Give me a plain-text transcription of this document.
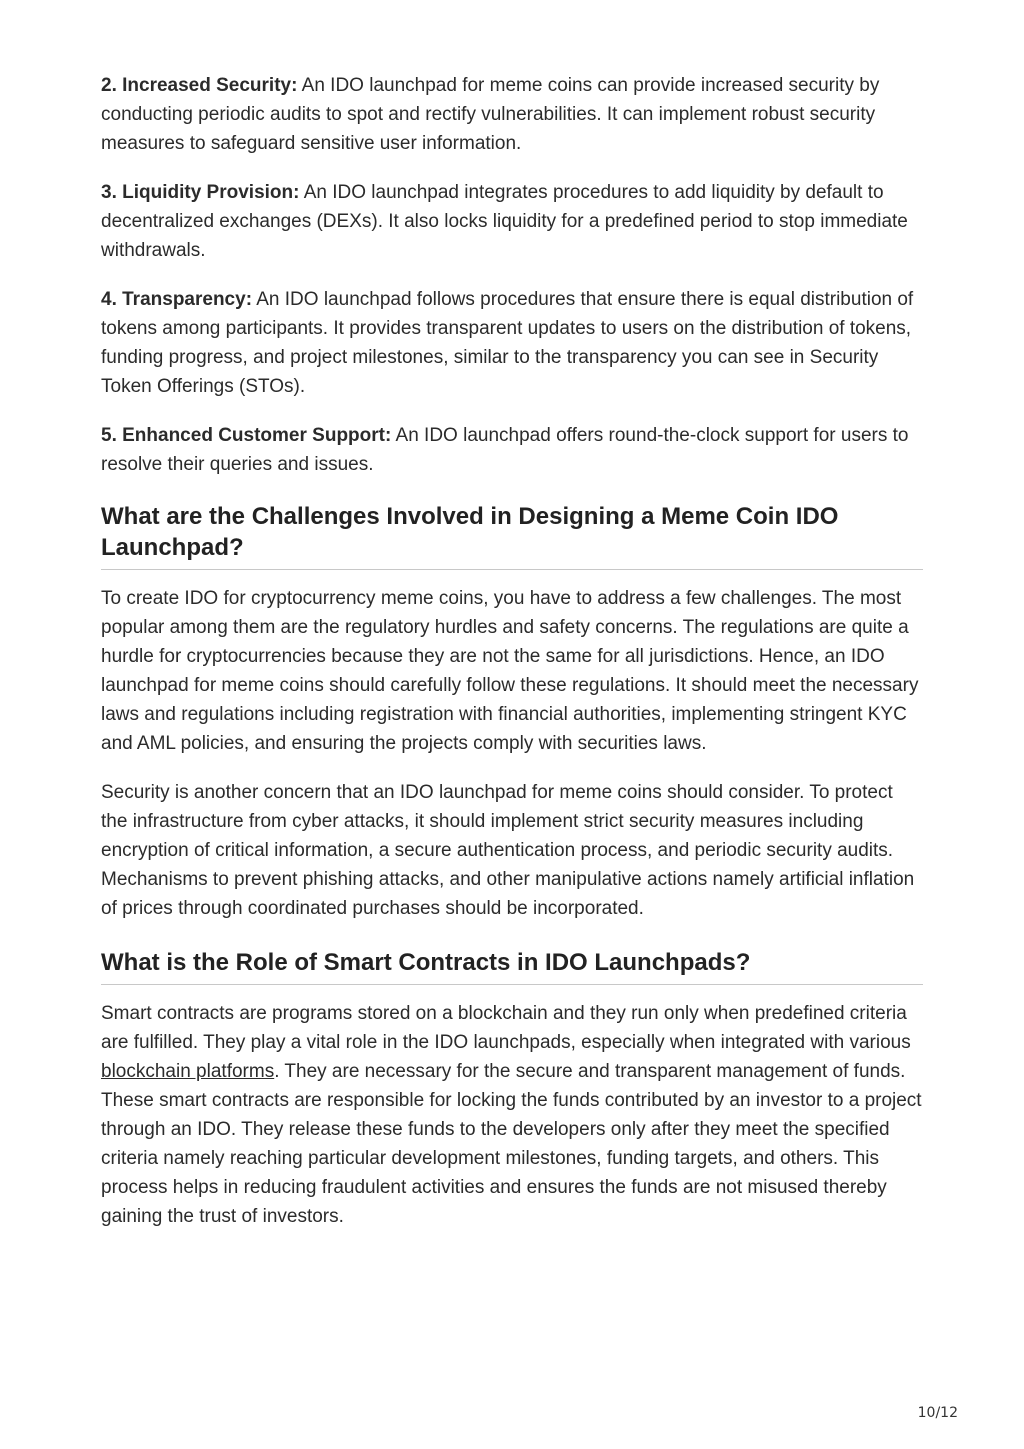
2. Increased Security: An IDO launchpad for meme coins can provide increased security by conducting periodic audits to spot and rectify vulnerabilities. It can implement robust security measures to safeguard sensitive user information.

3. Liquidity Provision: An IDO launchpad integrates procedures to add liquidity by default to decentralized exchanges (DEXs). It also locks liquidity for a predefined period to stop immediate withdrawals.

4. Transparency: An IDO launchpad follows procedures that ensure there is equal distribution of tokens among participants. It provides transparent updates to users on the distribution of tokens, funding progress, and project milestones, similar to the transparency you can see in Security Token Offerings (STOs).

5. Enhanced Customer Support: An IDO launchpad offers round-the-clock support for users to resolve their queries and issues.

What are the Challenges Involved in Designing a Meme Coin IDO Launchpad?

To create IDO for cryptocurrency meme coins, you have to address a few challenges. The most popular among them are the regulatory hurdles and safety concerns. The regulations are quite a hurdle for cryptocurrencies because they are not the same for all jurisdictions. Hence, an IDO launchpad for meme coins should carefully follow these regulations. It should meet the necessary laws and regulations including registration with financial authorities, implementing stringent KYC and AML policies, and ensuring the projects comply with securities laws.

Security is another concern that an IDO launchpad for meme coins should consider. To protect the infrastructure from cyber attacks, it should implement strict security measures including encryption of critical information, a secure authentication process, and periodic security audits. Mechanisms to prevent phishing attacks, and other manipulative actions namely artificial inflation of prices through coordinated purchases should be incorporated.

What is the Role of Smart Contracts in IDO Launchpads?

Smart contracts are programs stored on a blockchain and they run only when predefined criteria are fulfilled. They play a vital role in the IDO launchpads, especially when integrated with various blockchain platforms. They are necessary for the secure and transparent management of funds. These smart contracts are responsible for locking the funds contributed by an investor to a project through an IDO. They release these funds to the developers only after they meet the specified criteria namely reaching particular development milestones, funding targets, and others. This process helps in reducing fraudulent activities and ensures the funds are not misused thereby gaining the trust of investors.

10/12
